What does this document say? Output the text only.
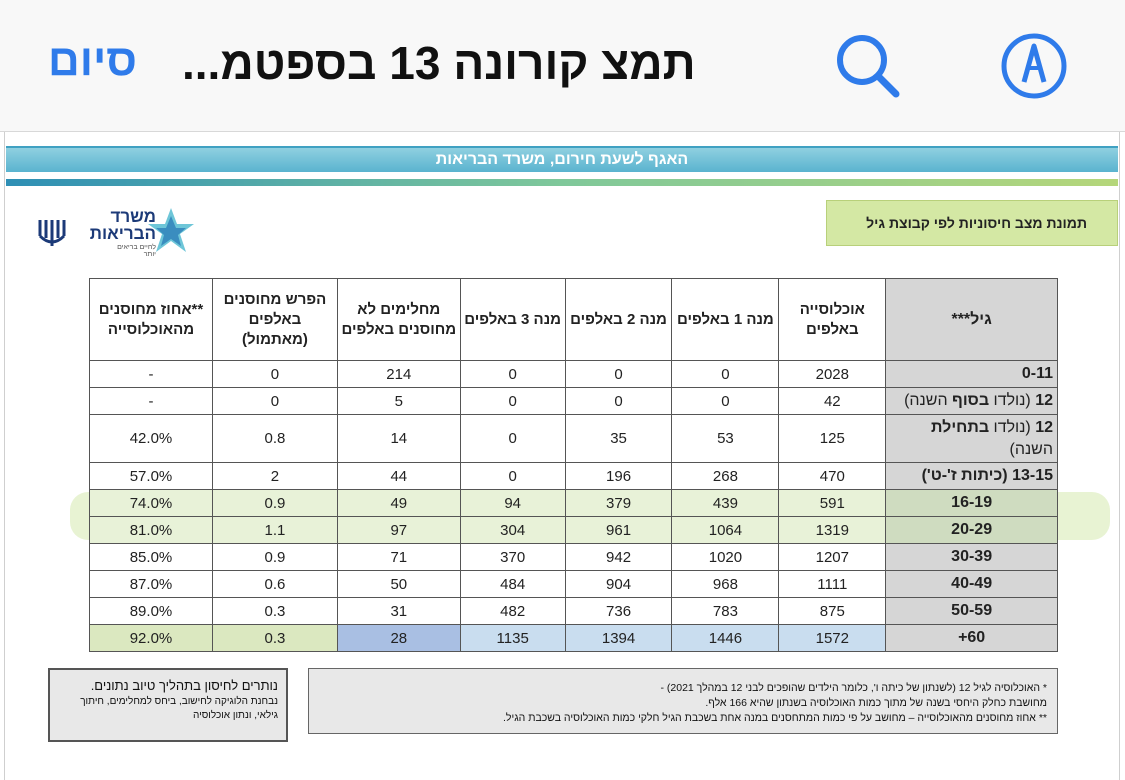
סיום תמצ קורונה 13 בספטמ...
האגף לשעת חירום, משרד הבריאות
משרד הבריאות
לחיים בריאים יותר
תמונת מצב חיסוניות לפי קבוצת גיל
גיל***	אוכלוסייה באלפים	מנה 1 באלפים	מנה 2 באלפים	מנה 3 באלפים	מחלימים לא מחוסנים באלפים	הפרש מחוסנים באלפים (מאתמול)	**אחוז מחוסנים מהאוכלוסייה
0-11	2028	0	0	0	214	0	-
12 (נולדו בסוף השנה)	42	0	0	0	5	0	-
12 (נולדו בתחילת השנה)	125	53	35	0	14	0.8	42.0%
13-15 (כיתות ז'-ט')	470	268	196	0	44	2	57.0%
16-19	591	439	379	94	49	0.9	74.0%
20-29	1319	1064	961	304	97	1.1	81.0%
30-39	1207	1020	942	370	71	0.9	85.0%
40-49	1111	968	904	484	50	0.6	87.0%
50-59	875	783	736	482	31	0.3	89.0%
60+	1572	1446	1394	1135	28	0.3	92.0%
* האוכלוסיה לגיל 12 (לשנתון של כיתה ו', כלומר הילדים שהופכים לבני 12 במהלך 2021) -
מחושבת כחלק היחסי בשנה של מתוך כמות האוכלוסיה בשנתון שהיא 166 אלף.
** אחוז מחוסנים מהאוכלוסייה – מחושב על פי כמות המתחסנים במנה אחת בשכבת הגיל חלקי כמות האוכלוסיה בשכבת הגיל.
נותרים לחיסון בתהליך טיוב נתונים.
נבחנת הלוגיקה לחישוב, ביחס למחלימים, חיתוך גילאי, ונתון אוכלוסיה
